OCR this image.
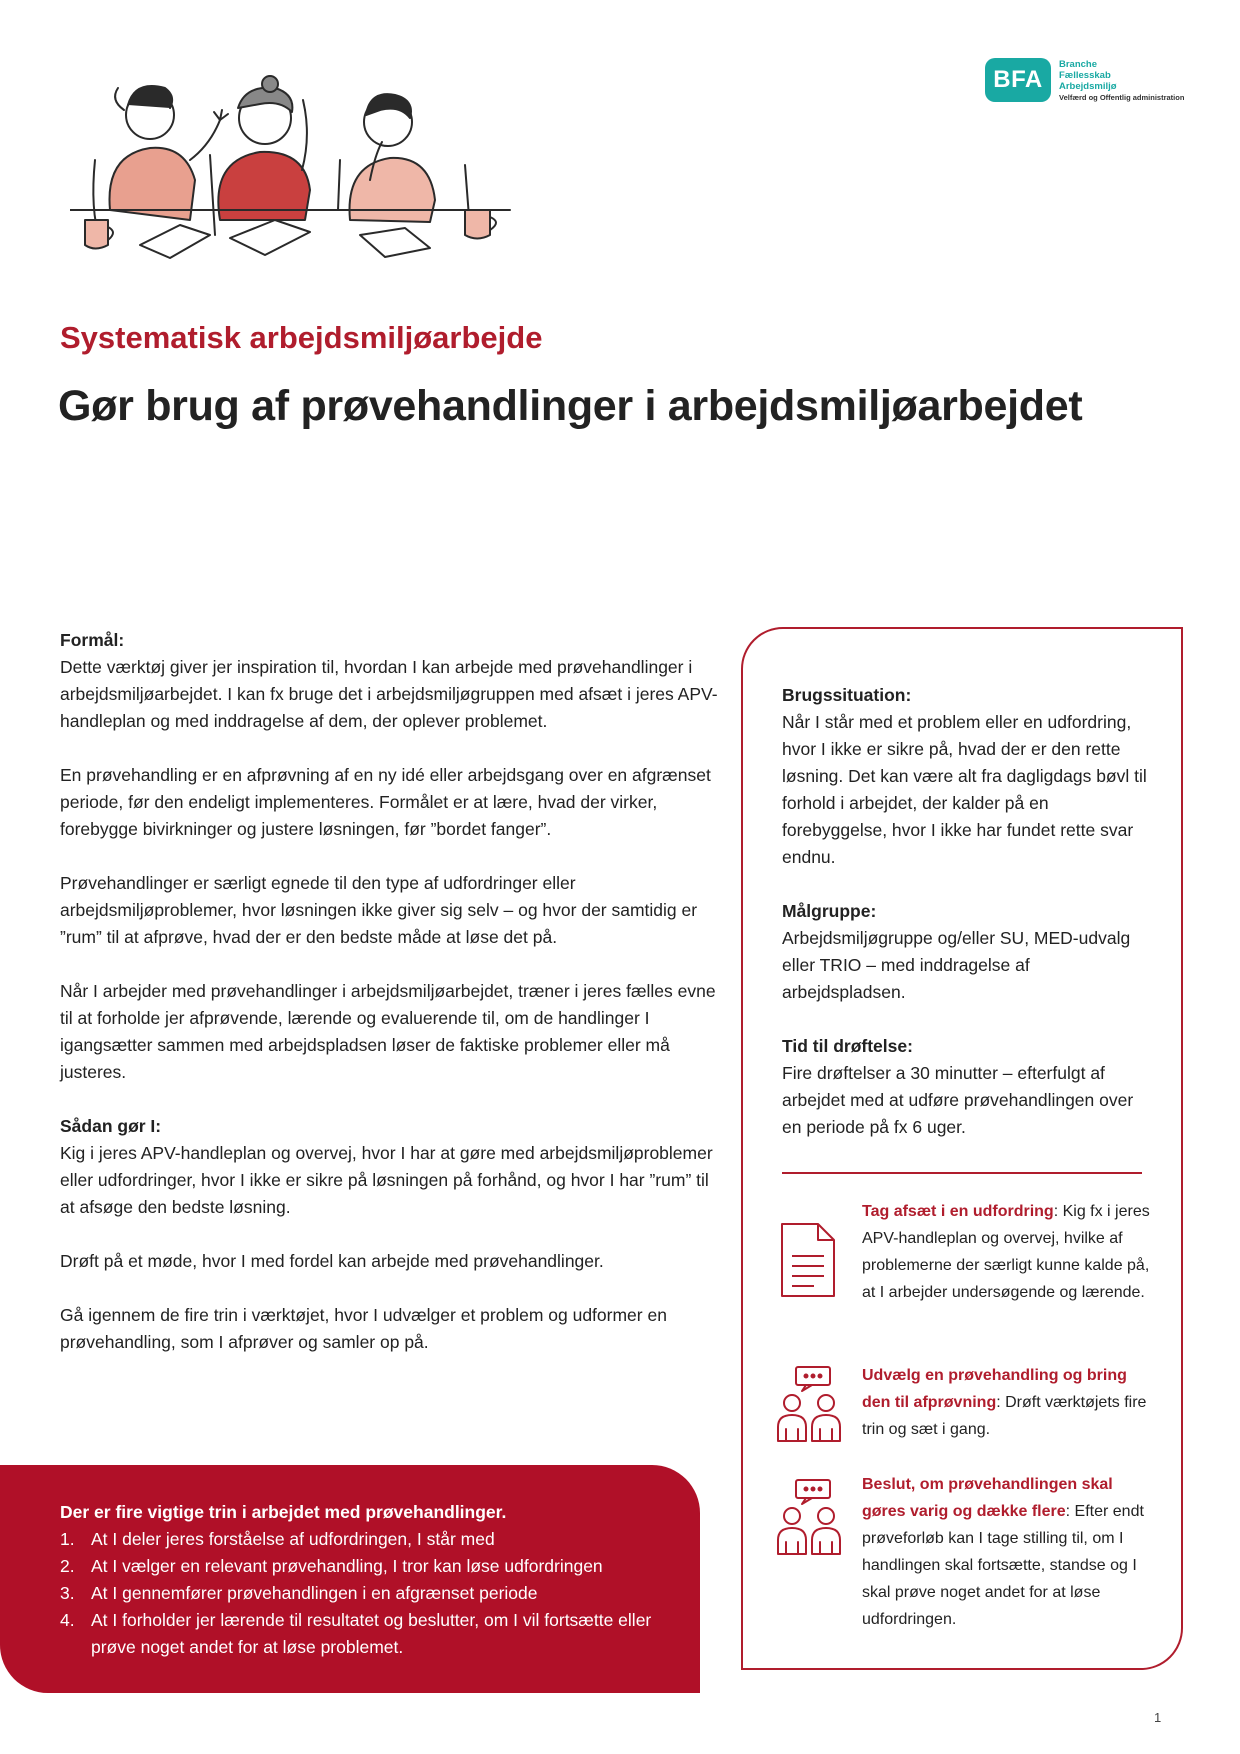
BFA
Branche
Fællesskab
Arbejdsmiljø
Velfærd og Offentlig administration
Systematisk arbejdsmiljøarbejde
Gør brug af prøvehandlinger i arbejdsmiljøarbejdet

Formål:
Dette værktøj giver jer inspiration til, hvordan I kan arbejde med prøvehandlinger i arbejdsmiljøarbejdet. I kan fx bruge det i arbejdsmiljøgruppen med afsæt i jeres APV-handleplan og med inddragelse af dem, der oplever problemet.

En prøvehandling er en afprøvning af en ny idé eller arbejdsgang over en afgrænset periode, før den endeligt implementeres. Formålet er at lære, hvad der virker, forebygge bivirkninger og justere løsningen, før ”bordet fanger”.

Prøvehandlinger er særligt egnede til den type af udfordringer eller arbejdsmiljøproblemer, hvor løsningen ikke giver sig selv – og hvor der samtidig er ”rum” til at afprøve, hvad der er den bedste måde at løse det på.

Når I arbejder med prøvehandlinger i arbejdsmiljøarbejdet, træner i jeres fælles evne til at forholde jer afprøvende, lærende og evaluerende til, om de handlinger I igangsætter sammen med arbejdspladsen løser de faktiske problemer eller må justeres.

Sådan gør I:
Kig i jeres APV-handleplan og overvej, hvor I har at gøre med arbejdsmiljøproblemer eller udfordringer, hvor I ikke er sikre på løsningen på forhånd, og hvor I har ”rum” til at afsøge den bedste løsning.

Drøft på et møde, hvor I med fordel kan arbejde med prøvehandlinger.

Gå igennem de fire trin i værktøjet, hvor I udvælger et problem og udformer en prøvehandling, som I afprøver og samler op på.

Brugssituation:
Når I står med et problem eller en udfordring, hvor I ikke er sikre på, hvad der er den rette løsning. Det kan være alt fra dagligdags bøvl til forhold i arbejdet, der kalder på en forebyggelse, hvor I ikke har fundet rette svar endnu.

Målgruppe:
Arbejdsmiljøgruppe og/eller SU, MED-udvalg eller TRIO – med inddragelse af arbejdspladsen.

Tid til drøftelse:
Fire drøftelser a 30 minutter – efterfulgt af arbejdet med at udføre prøvehandlingen over en periode på fx 6 uger.

Tag afsæt i en udfordring: Kig fx i jeres APV-handleplan og overvej, hvilke af problemerne der særligt kunne kalde på, at I arbejder undersøgende og lærende.
Udvælg en prøvehandling og bring den til afprøvning: Drøft værktøjets fire trin og sæt i gang.
Beslut, om prøvehandlingen skal gøres varig og dække flere: Efter endt prøveforløb kan I tage stilling til, om I handlingen skal fortsætte, standse og I skal prøve noget andet for at løse udfordringen.
Der er fire vigtige trin i arbejdet med prøvehandlinger.
1. At I deler jeres forståelse af udfordringen, I står med
2. At I vælger en relevant prøvehandling, I tror kan løse udfordringen
3. At I gennemfører prøvehandlingen i en afgrænset periode
4. At I forholder jer lærende til resultatet og beslutter, om I vil fortsætte eller prøve noget andet for at løse problemet.
1
